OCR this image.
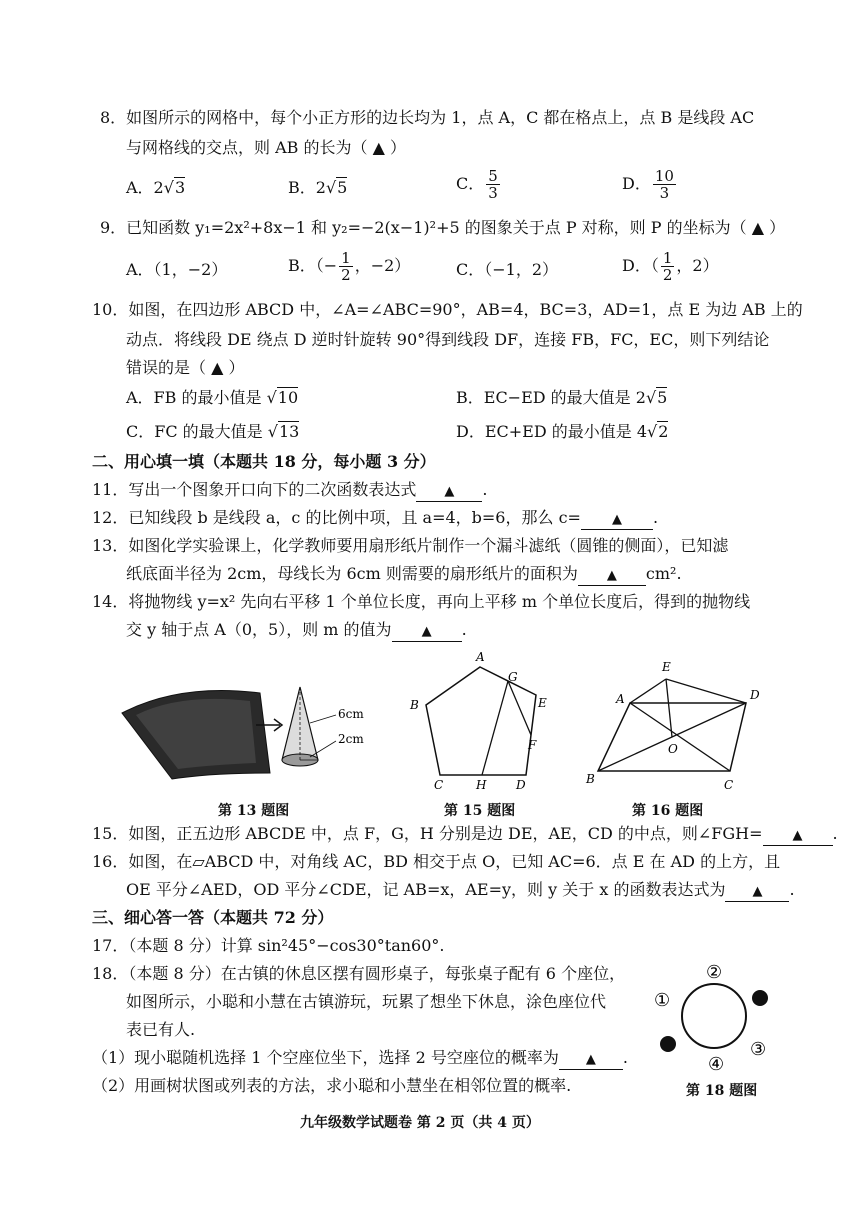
8．如图所示的网格中，每个小正方形的边长均为 1，点 A，C 都在格点上，点 B 是线段 AC
与网格线的交点，则 AB 的长为（ ▲ ）
A．2√3	B．2√5	C． $\frac{5}{3}$	D． $\frac{10}{3}$
9．已知函数 y₁=2x²+8x−1 和 y₂=−2(x−1)²+5 的图象关于点 P 对称，则 P 的坐标为（ ▲ ）
A．（1，−2）	B．（− $\frac{1}{2}$ ，−2）	C．（−1，2）	D．（ $\frac{1}{2}$ ，2）
10．如图，在四边形 ABCD 中，∠A=∠ABC=90°，AB=4，BC=3，AD=1，点 E 为边 AB 上的
动点．将线段 DE 绕点 D 逆时针旋转 90°得到线段 DF，连接 FB，FC，EC，则下列结论
错误的是（ ▲ ）
A．FB 的最小值是 √10	B．EC−ED 的最大值是 2√5
C．FC 的最大值是 √13	D．EC+ED 的最小值是 4√2
二、用心填一填（本题共 18 分，每小题 3 分）
11．写出一个图象开口向下的二次函数表达式 ▲ .
12．已知线段 b 是线段 a，c 的比例中项，且 a=4，b=6，那么 c= ▲ .
13．如图化学实验课上，化学教师要用扇形纸片制作一个漏斗滤纸（圆锥的侧面），已知滤
纸底面半径为 2cm，母线长为 6cm 则需要的扇形纸片的面积为 ▲ cm².
14．将抛物线 y=x² 先向右平移 1 个单位长度，再向上平移 m 个单位长度后，得到的抛物线
交 y 轴于点 A（0，5），则 m 的值为 ▲ .
6cm
2cm
A
B
C	D
E
F
G
H
E
A	D
O
B	C
第 13 题图	第 15 题图	第 16 题图
15．如图，正五边形 ABCDE 中，点 F，G，H 分别是边 DE，AE，CD 的中点，则∠FGH= ▲ .
16．如图，在▱ABCD 中，对角线 AC，BD 相交于点 O，已知 AC=6．点 E 在 AD 的上方，且
OE 平分∠AED，OD 平分∠CDE，记 AB=x，AE=y，则 y 关于 x 的函数表达式为 ▲ .
三、细心答一答（本题共 72 分）
17．（本题 8 分）计算 sin²45°−cos30°tan60°.
18．（本题 8 分）在古镇的休息区摆有圆形桌子，每张桌子配有 6 个座位，
如图所示，小聪和小慧在古镇游玩，玩累了想坐下休息，涂色座位代
表已有人.
（1）现小聪随机选择 1 个空座位坐下，选择 2 号空座位的概率为 ▲ .
（2）用画树状图或列表的方法，求小聪和小慧坐在相邻位置的概率.
②
①
③
④
第 18 题图
九年级数学试题卷 第 2 页（共 4 页）
